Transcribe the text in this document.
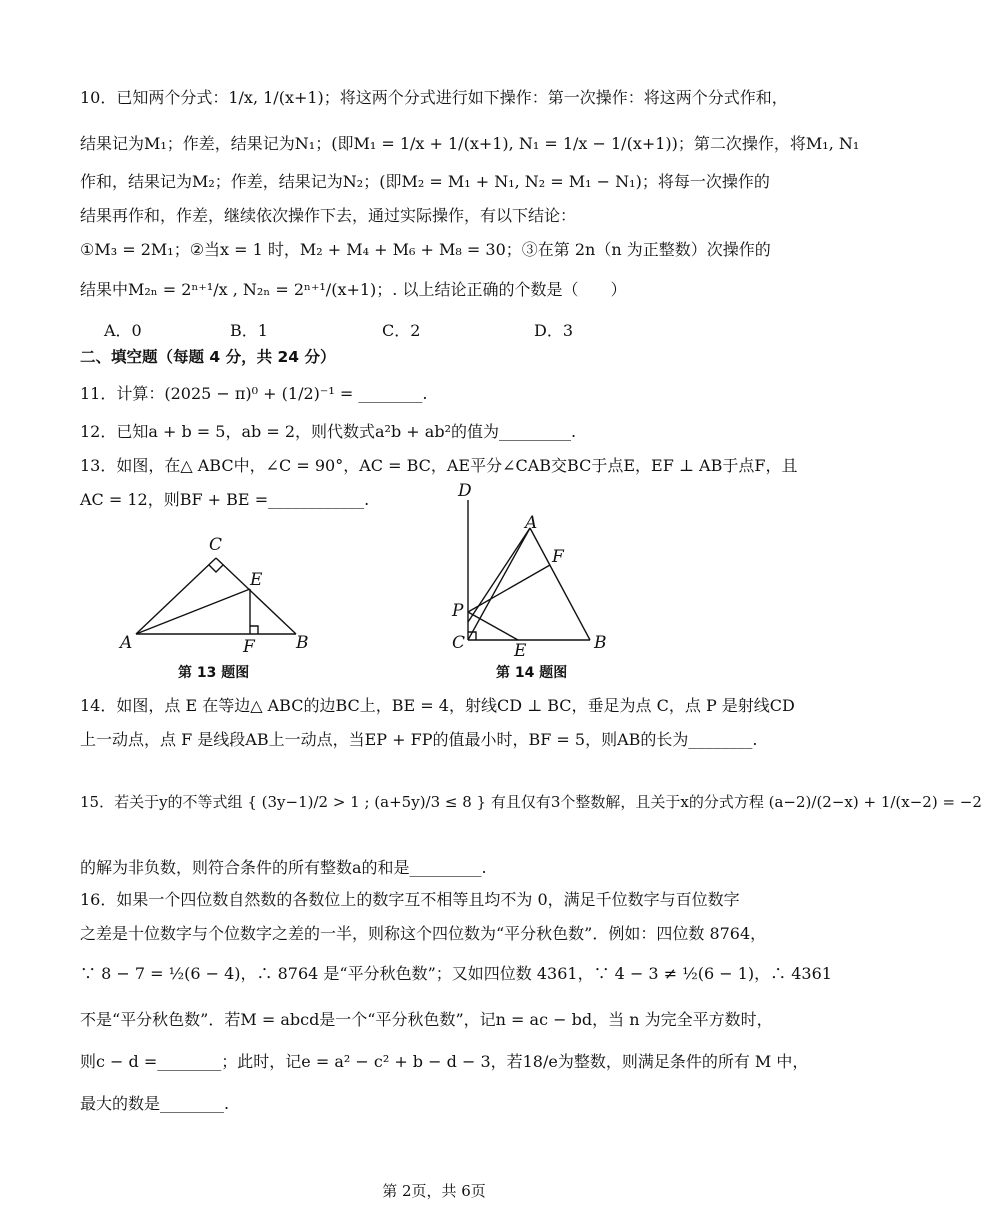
10．已知两个分式：1/x, 1/(x+1)；将这两个分式进行如下操作：第一次操作：将这两个分式作和，
结果记为M₁；作差，结果记为N₁；(即M₁ = 1/x + 1/(x+1), N₁ = 1/x − 1/(x+1))；第二次操作，将M₁, N₁
作和，结果记为M₂；作差，结果记为N₂；(即M₂ = M₁ + N₁, N₂ = M₁ − N₁)；将每一次操作的
结果再作和，作差，继续依次操作下去，通过实际操作，有以下结论：
①M₃ = 2M₁；②当x = 1 时，M₂ + M₄ + M₆ + M₈ = 30；③在第 2n（n 为正整数）次操作的
结果中M₂ₙ = 2ⁿ⁺¹/x , N₂ₙ = 2ⁿ⁺¹/(x+1)；. 以上结论正确的个数是（　　）
A．0	B．1	C．2	D．3
二、填空题（每题 4 分，共 24 分）
11．计算：(2025 − π)⁰ + (1/2)⁻¹ = ________.
12．已知a + b = 5，ab = 2，则代数式a²b + ab²的值为_________.
13．如图，在△ ABC中，∠C = 90°，AC = BC，AE平分∠CAB交BC于点E，EF ⊥ AB于点F，且
AC = 12，则BF + BE =____________.
C
E
A	F B
第 13 题图
D
A
F
P
C	E	B
第 14 题图
14．如图，点 E 在等边△ ABC的边BC上，BE = 4，射线CD ⊥ BC，垂足为点 C，点 P 是射线CD
上一动点，点 F 是线段AB上一动点，当EP + FP的值最小时，BF = 5，则AB的长为________.
15．若关于y的不等式组 { (3y−1)/2 > 1 ; (a+5y)/3 ≤ 8 } 有且仅有3个整数解，且关于x的分式方程 (a−2)/(2−x) + 1/(x−2) = −2
的解为非负数，则符合条件的所有整数a的和是_________.
16．如果一个四位数自然数的各数位上的数字互不相等且均不为 0，满足千位数字与百位数字
之差是十位数字与个位数字之差的一半，则称这个四位数为“平分秋色数”．例如：四位数 8764，
∵ 8 − 7 = ½(6 − 4)，∴ 8764 是“平分秋色数”；又如四位数 4361，∵ 4 − 3 ≠ ½(6 − 1)，∴ 4361
不是“平分秋色数”．若M = abcd是一个“平分秋色数”，记n = ac − bd，当 n 为完全平方数时，
则c − d =________；此时，记e = a² − c² + b − d − 3，若18/e为整数，则满足条件的所有 M 中，
最大的数是________.
第 2页，共 6页
